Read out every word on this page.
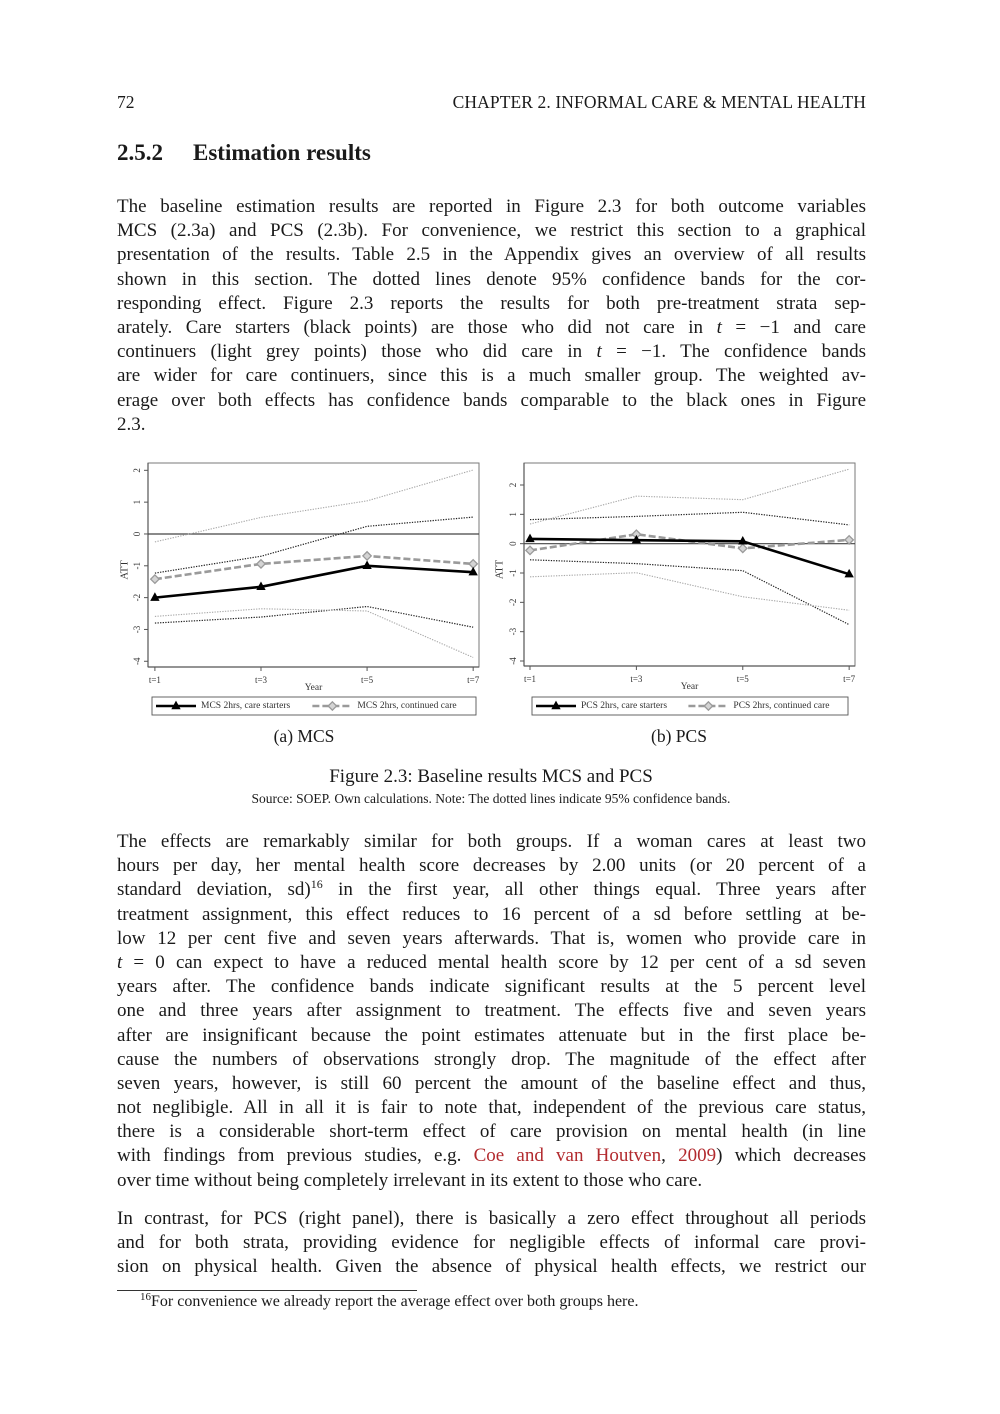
72	CHAPTER 2. INFORMAL CARE & MENTAL HEALTH
2.5.2 Estimation results
The baseline estimation results are reported in Figure 2.3 for both outcome variables
MCS (2.3a) and PCS (2.3b). For convenience, we restrict this section to a graphical
presentation of the results. Table 2.5 in the Appendix gives an overview of all results
shown in this section. The dotted lines denote 95% confidence bands for the cor-
responding effect. Figure 2.3 reports the results for both pre-treatment strata sep-
arately. Care starters (black points) are those who did not care in t = −1 and care
continuers (light grey points) those who did care in t = −1. The confidence bands
are wider for care continuers, since this is a much smaller group. The weighted av-
erage over both effects has confidence bands comparable to the black ones in Figure
2.3.
-4
-3
-2
-1
0
1
2
t=1	t=3	t=5	t=7
Year
ATT
MCS 2hrs, care starters	MCS 2hrs, continued care
-4
-3
-2
-1
0
1
2
t=1	t=3	t=5	t=7
Year
ATT
PCS 2hrs, care starters	PCS 2hrs, continued care
(a) MCS	(b) PCS
Figure 2.3: Baseline results MCS and PCS
Source: SOEP. Own calculations. Note: The dotted lines indicate 95% confidence bands.
The effects are remarkably similar for both groups. If a woman cares at least two
hours per day, her mental health score decreases by 2.00 units (or 20 percent of a
standard deviation, sd)$^{16}$ in the first year, all other things equal. Three years after
treatment assignment, this effect reduces to 16 percent of a sd before settling at be-
low 12 per cent five and seven years afterwards. That is, women who provide care in
t = 0 can expect to have a reduced mental health score by 12 per cent of a sd seven
years after. The confidence bands indicate significant results at the 5 percent level
one and three years after assignment to treatment. The effects five and seven years
after are insignificant because the point estimates attenuate but in the first place be-
cause the numbers of observations strongly drop. The magnitude of the effect after
seven years, however, is still 60 percent the amount of the baseline effect and thus,
not neglibigle. All in all it is fair to note that, independent of the previous care status,
there is a considerable short-term effect of care provision on mental health (in line
with findings from previous studies, e.g. Coe and van Houtven, 2009) which decreases
over time without being completely irrelevant in its extent to those who care.
In contrast, for PCS (right panel), there is basically a zero effect throughout all periods
and for both strata, providing evidence for negligible effects of informal care provi-
sion on physical health. Given the absence of physical health effects, we restrict our
$^{16}$For convenience we already report the average effect over both groups here.
